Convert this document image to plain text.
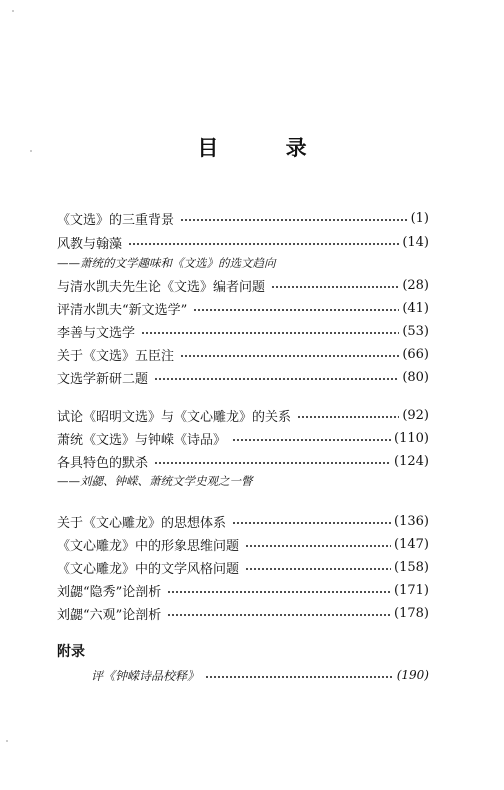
目 录
《文选》的三重背景	(1)
风教与翰藻	(14)
——萧统的文学趣味和《文选》的选文趋向
与清水凯夫先生论《文选》编者问题	(28)
评清水凯夫“新文选学”	(41)
李善与文选学	(53)
关于《文选》五臣注	(66)
文选学新研二题	(80)
试论《昭明文选》与《文心雕龙》的关系	(92)
萧统《文选》与钟嵘《诗品》	(110)
各具特色的默杀	(124)
——刘勰、钟嵘、萧统文学史观之一瞥
关于《文心雕龙》的思想体系	(136)
《文心雕龙》中的形象思维问题	(147)
《文心雕龙》中的文学风格问题	(158)
刘勰“隐秀”论剖析	(171)
刘勰“六观”论剖析	(178)
附录
评《钟嵘诗品校释》	(190)
